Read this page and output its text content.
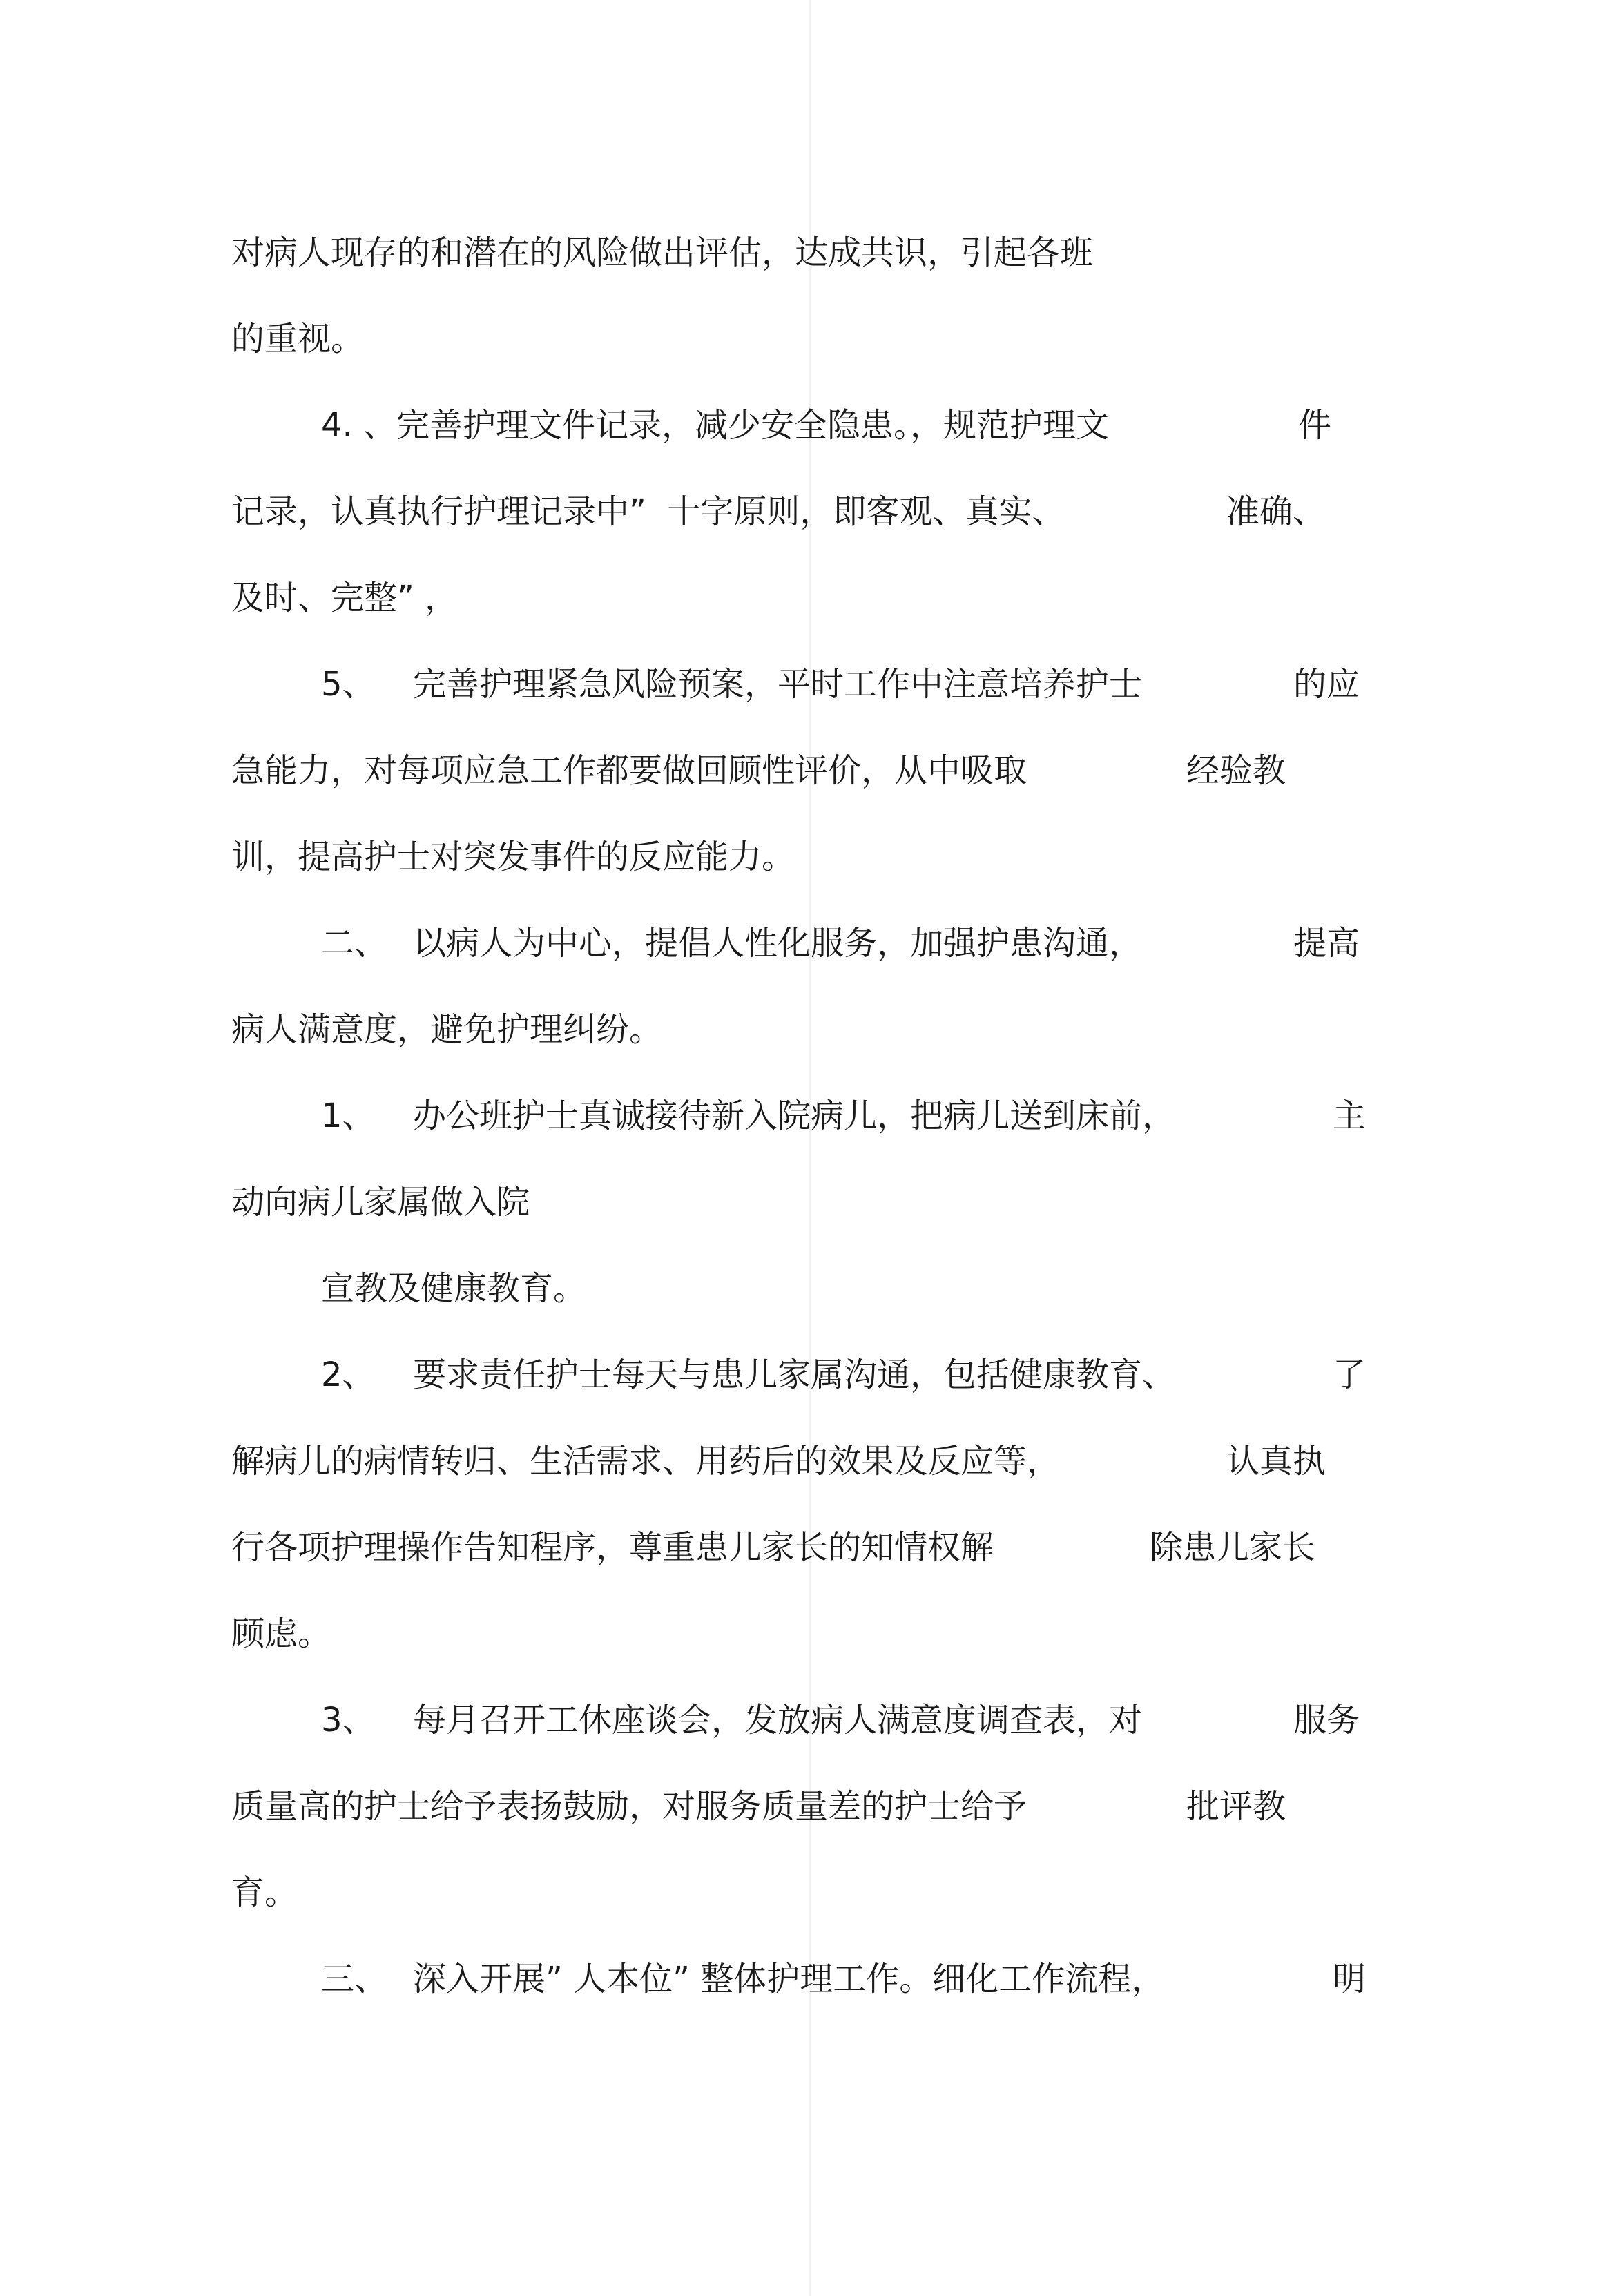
对病人现存的和潜在的风险做出评估，达成共识，引起各班
的重视。
4. 、完善护理文件记录，减少安全隐患。，规范护理文	件
记录，认真执行护理记录中”  十字原则，即客观、真实、	准确、
及时、完整” ，
5、 完善护理紧急风险预案，平时工作中注意培养护士	的应
急能力，对每项应急工作都要做回顾性评价，从中吸取	经验教
训，提高护士对突发事件的反应能力。
二、 以病人为中心，提倡人性化服务，加强护患沟通，	提高
病人满意度，避免护理纠纷。
1、 办公班护士真诚接待新入院病儿，把病儿送到床前，	主
动向病儿家属做入院
宣教及健康教育。
2、 要求责任护士每天与患儿家属沟通，包括健康教育、	了
解病儿的病情转归、生活需求、用药后的效果及反应等，	认真执
行各项护理操作告知程序，尊重患儿家长的知情权解	除患儿家长
顾虑。
3、 每月召开工休座谈会，发放病人满意度调查表，对	服务
质量高的护士给予表扬鼓励，对服务质量差的护士给予	批评教
育。
三、 深入开展” 人本位” 整体护理工作。细化工作流程，	明
